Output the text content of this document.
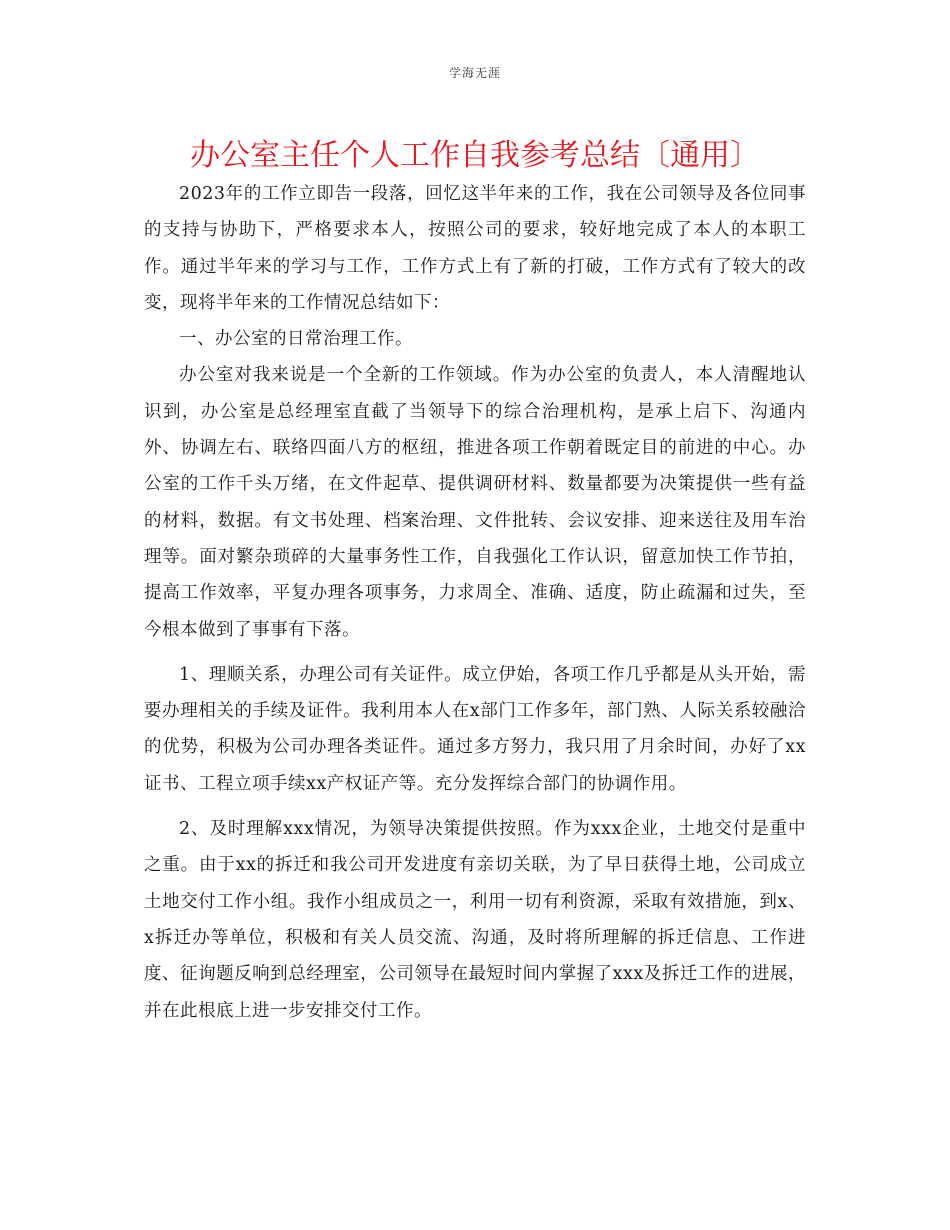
学海无涯
办公室主任个人工作自我参考总结〔通用〕

2023年的工作立即告一段落，回忆这半年来的工作，我在公司领导及各位同事的支持与协助下，严格要求本人，按照公司的要求，较好地完成了本人的本职工作。通过半年来的学习与工作，工作方式上有了新的打破，工作方式有了较大的改变，现将半年来的工作情况总结如下：

一、办公室的日常治理工作。

办公室对我来说是一个全新的工作领域。作为办公室的负责人，本人清醒地认识到，办公室是总经理室直截了当领导下的综合治理机构，是承上启下、沟通内外、协调左右、联络四面八方的枢纽，推进各项工作朝着既定目的前进的中心。办公室的工作千头万绪，在文件起草、提供调研材料、数量都要为决策提供一些有益的材料，数据。有文书处理、档案治理、文件批转、会议安排、迎来送往及用车治理等。面对繁杂琐碎的大量事务性工作，自我强化工作认识，留意加快工作节拍，提高工作效率，平复办理各项事务，力求周全、准确、适度，防止疏漏和过失，至今根本做到了事事有下落。

1、理顺关系，办理公司有关证件。成立伊始，各项工作几乎都是从头开始，需要办理相关的手续及证件。我利用本人在x部门工作多年，部门熟、人际关系较融洽的优势，积极为公司办理各类证件。通过多方努力，我只用了月余时间，办好了xx证书、工程立项手续xx产权证产等。充分发挥综合部门的协调作用。

2、及时理解xxx情况，为领导决策提供按照。作为xxx企业，土地交付是重中之重。由于xx的拆迁和我公司开发进度有亲切关联，为了早日获得土地，公司成立土地交付工作小组。我作小组成员之一，利用一切有利资源，采取有效措施，到x、x拆迁办等单位，积极和有关人员交流、沟通，及时将所理解的拆迁信息、工作进度、征询题反响到总经理室，公司领导在最短时间内掌握了xxx及拆迁工作的进展，并在此根底上进一步安排交付工作。
